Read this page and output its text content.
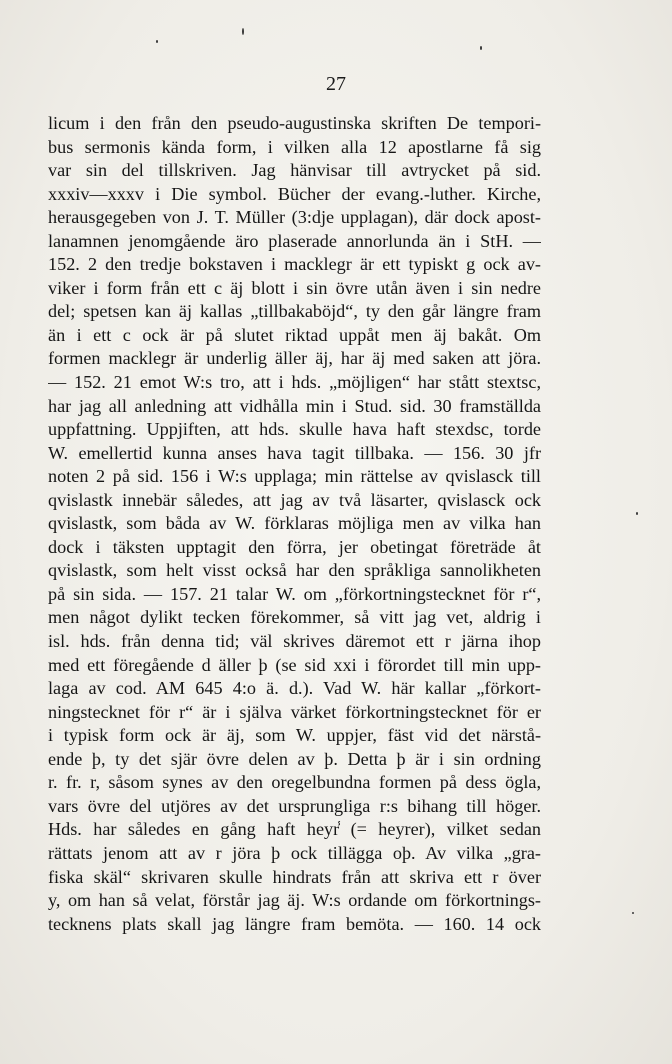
27
licum i den från den pseudo-augustinska skriften De tempori-
bus sermonis kända form, i vilken alla 12 apostlarne få sig
var sin del tillskriven. Jag hänvisar till avtrycket på sid.
xxxiv—xxxv i Die symbol. Bücher der evang.-luther. Kirche,
herausgegeben von J. T. Müller (3:dje upplagan), där dock apost-
lanamnen jenomgående äro plaserade annorlunda än i StH. —
152. 2 den tredje bokstaven i macklegr är ett typiskt g ock av-
viker i form från ett c äj blott i sin övre utån även i sin nedre
del; spetsen kan äj kallas „tillbakaböjd“, ty den går längre fram
än i ett c ock är på slutet riktad uppåt men äj bakåt. Om
formen macklegr är underlig äller äj, har äj med saken att jöra.
— 152. 21 emot W:s tro, att i hds. „möjligen“ har stått stextsc,
har jag all anledning att vidhålla min i Stud. sid. 30 framställda
uppfattning. Uppjiften, att hds. skulle hava haft stexdsc, torde
W. emellertid kunna anses hava tagit tillbaka. — 156. 30 jfr
noten 2 på sid. 156 i W:s upplaga; min rättelse av qvislasck till
qvislastk innebär således, att jag av två läsarter, qvislasck ock
qvislastk, som båda av W. förklaras möjliga men av vilka han
dock i täksten upptagit den förra, jer obetingat företräde åt
qvislastk, som helt visst också har den språkliga sannolikheten
på sin sida. — 157. 21 talar W. om „förkortningstecknet för r“,
men något dylikt tecken förekommer, så vitt jag vet, aldrig i
isl. hds. från denna tid; väl skrives däremot ett r järna ihop
med ett föregående d äller þ (se sid xxi i förordet till min upp-
laga av cod. AM 645 4:o ä. d.). Vad W. här kallar „förkort-
ningstecknet för r“ är i själva värket förkortningstecknet för er
i typisk form ock är äj, som W. uppjer, fäst vid det närstå-
ende þ, ty det sjär övre delen av þ. Detta þ är i sin ordning
r. fr. r, såsom synes av den oregelbundna formen på dess ögla,
vars övre del utjöres av det ursprungliga r:s bihang till höger.
Hds. har således en gång haft heyr̾ (= heyrer), vilket sedan
rättats jenom att av r jöra þ ock tillägga oþ. Av vilka „gra-
fiska skäl“ skrivaren skulle hindrats från att skriva ett r över
y, om han så velat, förstår jag äj. W:s ordande om förkortnings-
tecknens plats skall jag längre fram bemöta. — 160. 14 ock
